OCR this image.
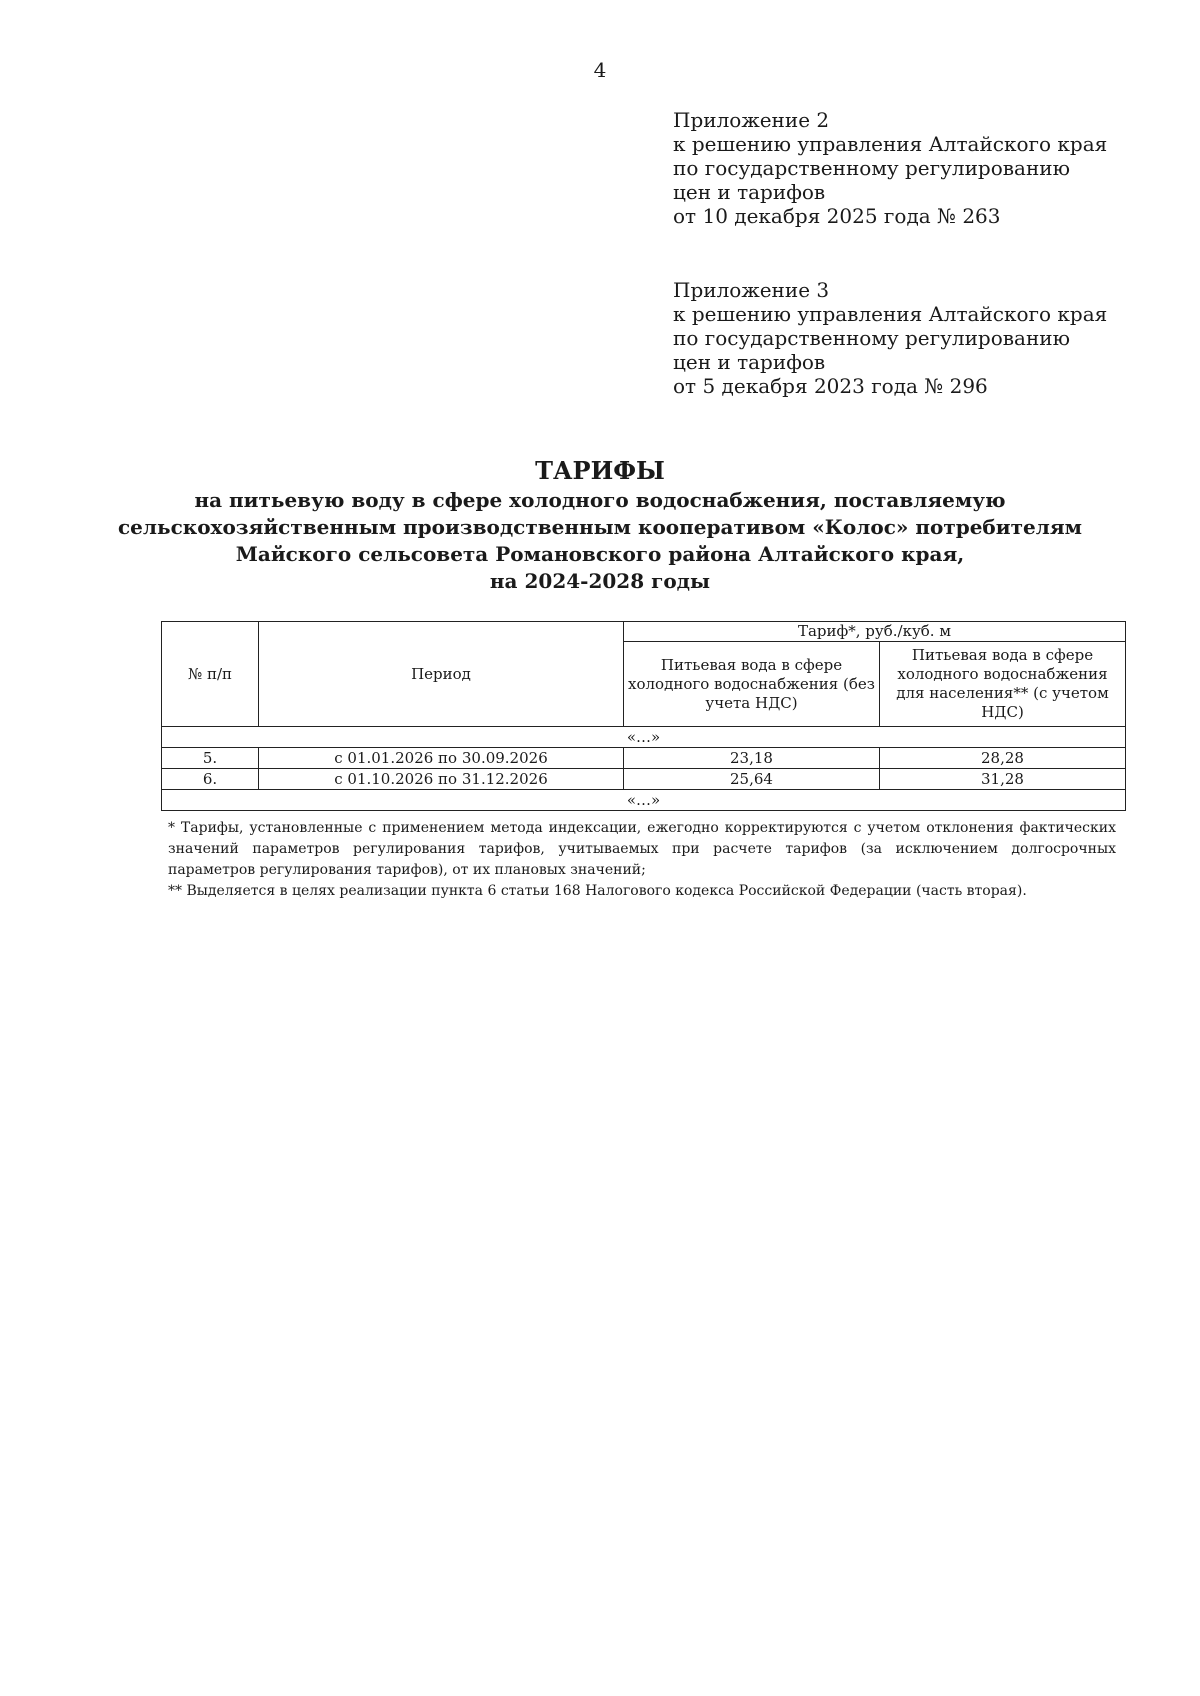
4
Приложение 2
к решению управления Алтайского края
по государственному регулированию
цен и тарифов
от 10 декабря 2025 года № 263
Приложение 3
к решению управления Алтайского края
по государственному регулированию
цен и тарифов
от 5 декабря 2023 года № 296
ТАРИФЫ
на питьевую воду в сфере холодного водоснабжения, поставляемую
сельскохозяйственным производственным кооперативом «Колос» потребителям
Майского сельсовета Романовского района Алтайского края,
на 2024-2028 годы
№ п/п	Период	Тариф*, руб./куб. м	
		Питьевая вода в сфере холодного водоснабжения (без учета НДС)	Питьевая вода в сфере холодного водоснабжения для населения** (с учетом НДС)
«…»			
5.	с 01.01.2026 по 30.09.2026	23,18	28,28
6.	с 01.10.2026 по 31.12.2026	25,64	31,28
«…»			

* Тарифы, установленные с применением метода индексации, ежегодно корректируются с учетом отклонения фактических значений параметров регулирования тарифов, учитываемых при расчете тарифов (за исключением долгосрочных параметров регулирования тарифов), от их плановых значений;

** Выделяется в целях реализации пункта 6 статьи 168 Налогового кодекса Российской Федерации (часть вторая).
